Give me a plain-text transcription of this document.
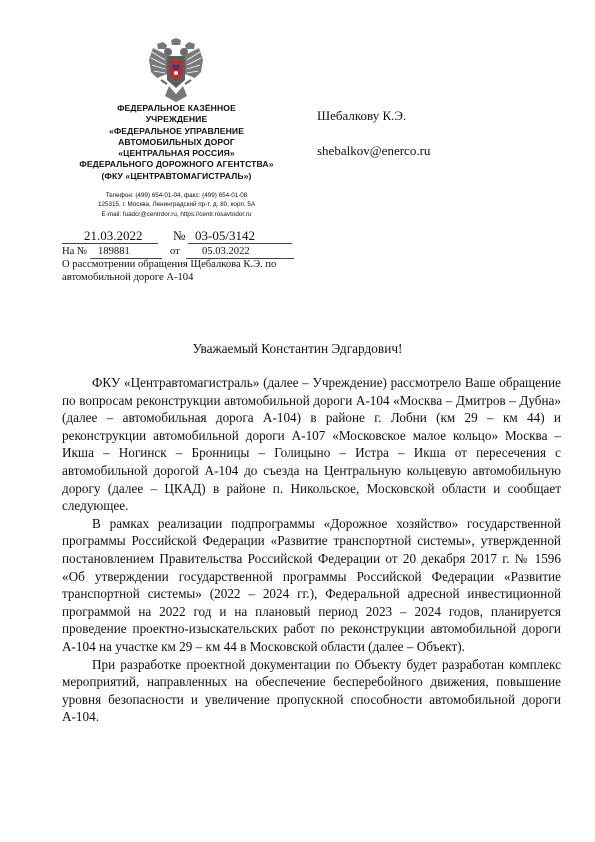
ФЕДЕРАЛЬНОЕ КАЗЁННОЕ
УЧРЕЖДЕНИЕ
«ФЕДЕРАЛЬНОЕ УПРАВЛЕНИЕ
АВТОМОБИЛЬНЫХ ДОРОГ
«ЦЕНТРАЛЬНАЯ РОССИЯ»
ФЕДЕРАЛЬНОГО ДОРОЖНОГО АГЕНТСТВА»
(ФКУ «ЦЕНТРАВТОМАГИСТРАЛЬ»)
Телефон: (499) 654-01-04, факс: (499) 654-01-08
125315, г. Москва, Ленинградский пр-т, д. 80, корп. 5А
E-mail: fuadcr@centrdor.ru, https://centr.rosavtodor.ru
Шебалкову К.Э.
shebalkov@enerco.ru
21.03.2022 № 03-05/3142
На № 189881	от 05.03.2022
О рассмотрении обращения Щебалкова К.Э. по автомобильной дороге А-104
Уважаемый Константин Эдгардович!

ФКУ «Центравтомагистраль» (далее – Учреждение) рассмотрело Ваше обращение по вопросам реконструкции автомобильной дороги А-104 «Москва – Дмитров – Дубна» (далее – автомобильная дорога А-104) в районе г. Лобни (км 29 – км 44) и реконструкции автомобильной дороги А-107 «Московское малое кольцо» Москва – Икша – Ногинск – Бронницы – Голицыно – Истра – Икша от пересечения с автомобильной дорогой А-104 до съезда на Центральную кольцевую автомобильную дорогу (далее – ЦКАД) в районе п. Никольское, Московской области и сообщает следующее.

В рамках реализации подпрограммы «Дорожное хозяйство» государственной программы Российской Федерации «Развитие транспортной системы», утвержденной постановлением Правительства Российской Федерации от 20 декабря 2017 г. № 1596 «Об утверждении государственной программы Российской Федерации «Развитие транспортной системы» (2022 – 2024 гг.), Федеральной адресной инвестиционной программой на 2022 год и на плановый период 2023 – 2024 годов, планируется проведение проектно-изыскательских работ по реконструкции автомобильной дороги А-104 на участке км 29 – км 44 в Московской области (далее – Объект).

При разработке проектной документации по Объекту будет разработан комплекс мероприятий, направленных на обеспечение бесперебойного движения, повышение уровня безопасности и увеличение пропускной способности автомобильной дороги А-104.
